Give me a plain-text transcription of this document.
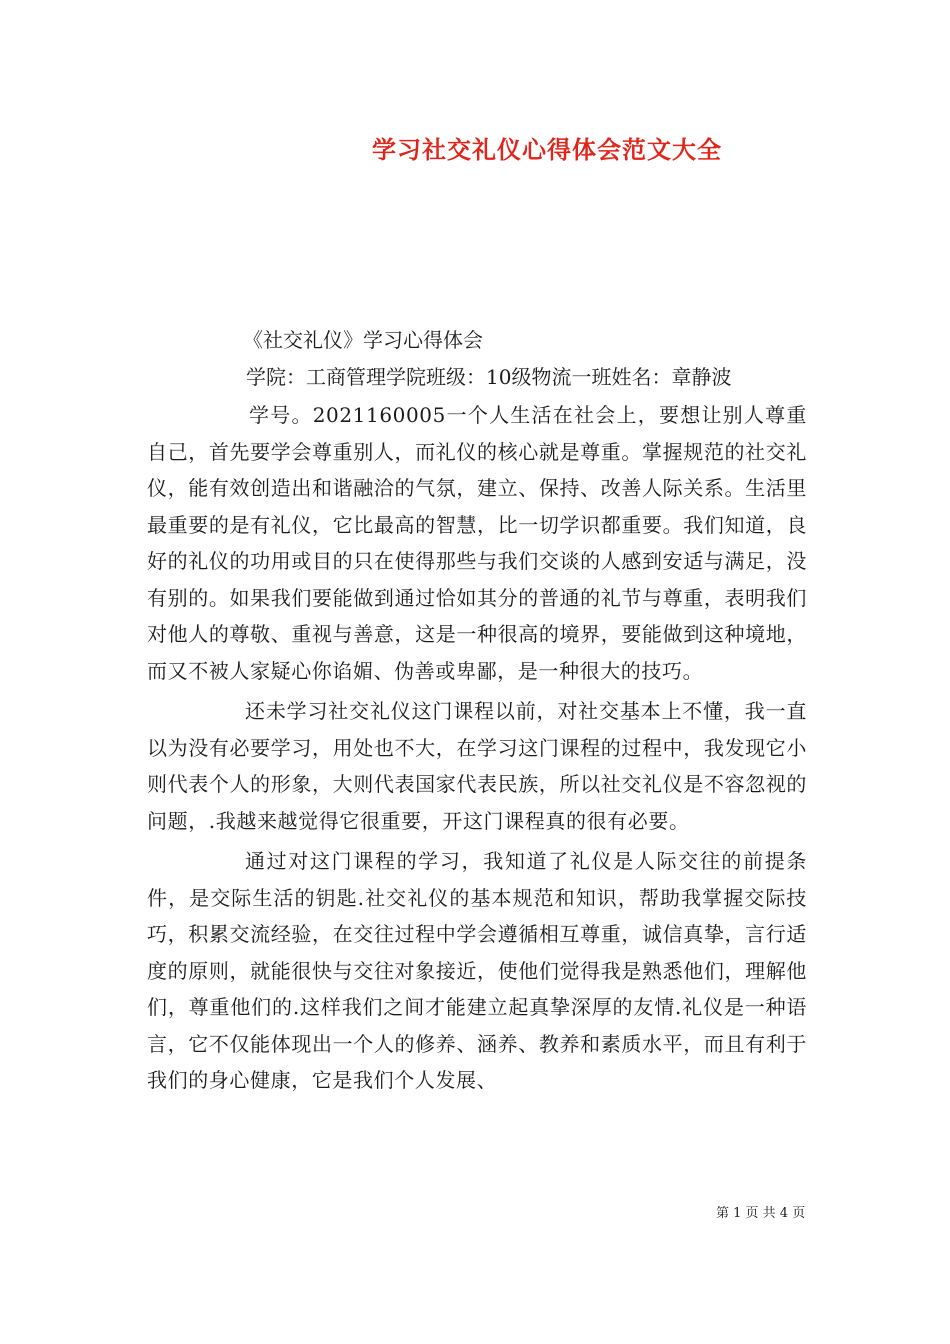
学习社交礼仪心得体会范文大全

《社交礼仪》学习心得体会

学院：工商管理学院班级：10级物流一班姓名：章静波

学号。2021160005一个人生活在社会上，要想让别人尊重自己，首先要学会尊重别人，而礼仪的核心就是尊重。掌握规范的社交礼仪，能有效创造出和谐融洽的气氛，建立、保持、改善人际关系。生活里最重要的是有礼仪，它比最高的智慧，比一切学识都重要。我们知道，良好的礼仪的功用或目的只在使得那些与我们交谈的人感到安适与满足，没有别的。如果我们要能做到通过恰如其分的普通的礼节与尊重，表明我们对他人的尊敬、重视与善意，这是一种很高的境界，要能做到这种境地，而又不被人家疑心你谄媚、伪善或卑鄙，是一种很大的技巧。

还未学习社交礼仪这门课程以前，对社交基本上不懂，我一直以为没有必要学习，用处也不大，在学习这门课程的过程中，我发现它小则代表个人的形象，大则代表国家代表民族，所以社交礼仪是不容忽视的问题，.我越来越觉得它很重要，开这门课程真的很有必要。

通过对这门课程的学习，我知道了礼仪是人际交往的前提条件，是交际生活的钥匙.社交礼仪的基本规范和知识，帮助我掌握交际技巧，积累交流经验，在交往过程中学会遵循相互尊重，诚信真挚，言行适度的原则，就能很快与交往对象接近，使他们觉得我是熟悉他们，理解他们，尊重他们的.这样我们之间才能建立起真挚深厚的友情.礼仪是一种语言，它不仅能体现出一个人的修养、涵养、教养和素质水平，而且有利于我们的身心健康，它是我们个人发展、

第 1 页 共 4 页
